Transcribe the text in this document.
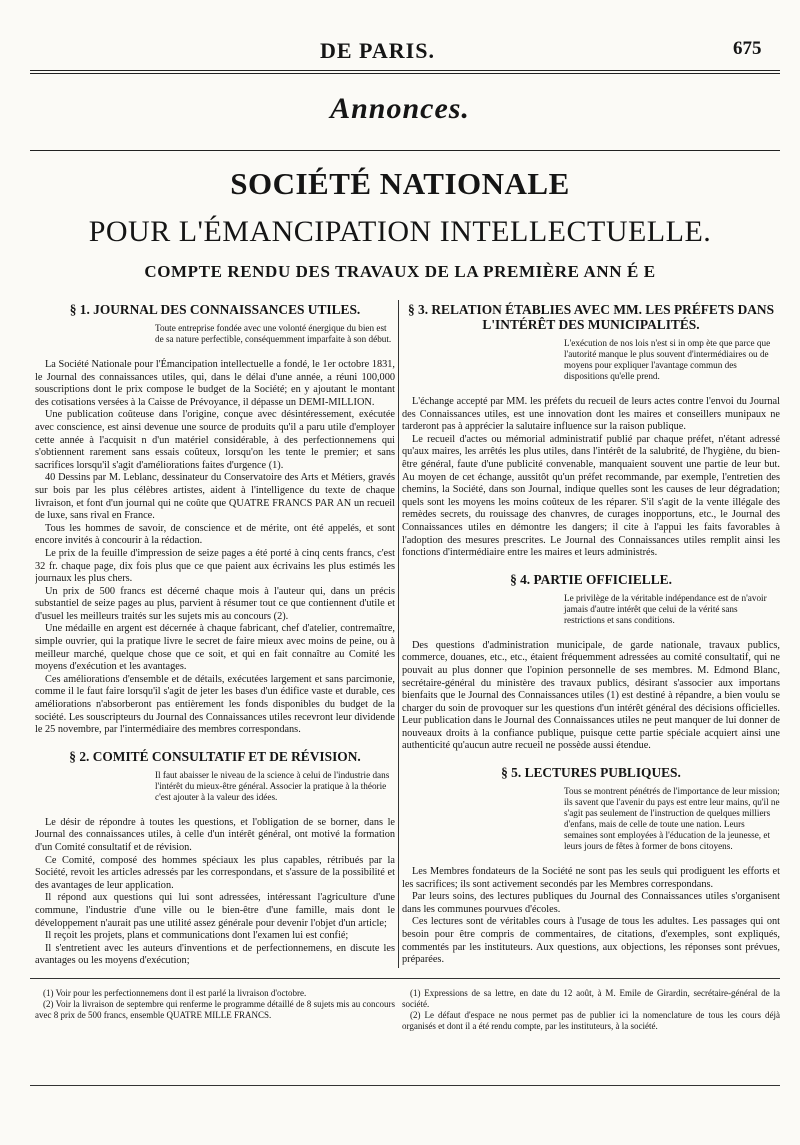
DE PARIS.	675
Annonces.
SOCIÉTÉ NATIONALE
POUR L'ÉMANCIPATION INTELLECTUELLE.
COMPTE RENDU DES TRAVAUX DE LA PREMIÈRE ANN É E

§ 1. JOURNAL DES CONNAISSANCES UTILES.

Toute entreprise fondée avec une volonté énergique du bien est de sa nature perfectible, conséquemment imparfaite à son début.

La Société Nationale pour l'Émancipation intellectuelle a fondé, le 1er octobre 1831, le Journal des connaissances utiles, qui, dans le délai d'une année, a réuni 100,000 souscriptions dont le prix compose le budget de la Société; en y ajoutant le montant des cotisations versées à la Caisse de Prévoyance, il dépasse un DEMI-MILLION.

Une publication coûteuse dans l'origine, conçue avec désintéressement, exécutée avec conscience, est ainsi devenue une source de produits qu'il a paru utile d'employer cette année à l'acquisit n d'un matériel considérable, à des perfectionnemens qui s'obtiennent rarement sans essais coûteux, lorsqu'on les tente le premier; et sans sacrifices lorsqu'il s'agit d'améliorations faites d'urgence (1).

40 Dessins par M. Leblanc, dessinateur du Conservatoire des Arts et Métiers, gravés sur bois par les plus célèbres artistes, aident à l'intelligence du texte de chaque livraison, et font d'un journal qui ne coûte que QUATRE FRANCS PAR AN un recueil de luxe, sans rival en France.

Tous les hommes de savoir, de conscience et de mérite, ont été appelés, et sont encore invités à concourir à la rédaction.

Le prix de la feuille d'impression de seize pages a été porté à cinq cents francs, c'est 32 fr. chaque page, dix fois plus que ce que paient aux écrivains les plus estimés les journaux les plus chers.

Un prix de 500 francs est décerné chaque mois à l'auteur qui, dans un précis substantiel de seize pages au plus, parvient à résumer tout ce que contiennent d'utile et d'usuel les meilleurs traités sur les sujets mis au concours (2).

Une médaille en argent est décernée à chaque fabricant, chef d'atelier, contremaître, simple ouvrier, qui la pratique livre le secret de faire mieux avec moins de peine, ou à meilleur marché, quelque chose que ce soit, et qui en fait connaître au Comité les moyens d'exécution et les avantages.

Ces améliorations d'ensemble et de détails, exécutées largement et sans parcimonie, comme il le faut faire lorsqu'il s'agit de jeter les bases d'un édifice vaste et durable, ces améliorations n'absorberont pas entièrement les fonds disponibles du budget de la société. Les souscripteurs du Journal des Connaissances utiles recevront leur dividende le 25 novembre, par l'intermédiaire des membres correspondans.

§ 2. COMITÉ CONSULTATIF ET DE RÉVISION.

Il faut abaisser le niveau de la science à celui de l'industrie dans l'intérêt du mieux-être général. Associer la pratique à la théorie c'est ajouter à la valeur des idées.

Le désir de répondre à toutes les questions, et l'obligation de se borner, dans le Journal des connaissances utiles, à celle d'un intérêt général, ont motivé la formation d'un Comité consultatif et de révision.

Ce Comité, composé des hommes spéciaux les plus capables, rétribués par la Société, revoit les articles adressés par les correspondans, et s'assure de la possibilité et des avantages de leur application.

Il répond aux questions qui lui sont adressées, intéressant l'agriculture d'une commune, l'industrie d'une ville ou le bien-être d'une famille, mais dont le développement n'aurait pas une utilité assez générale pour devenir l'objet d'un article;

Il reçoit les projets, plans et communications dont l'examen lui est confié;

Il s'entretient avec les auteurs d'inventions et de perfectionnemens, en discute les avantages ou les moyens d'exécution;

§ 3. RELATION ÉTABLIES AVEC MM. LES PRÉFETS DANS L'INTÉRÊT DES MUNICIPALITÉS.

L'exécution de nos lois n'est si in omp ète que parce que l'autorité manque le plus souvent d'intermédiaires ou de moyens pour expliquer l'avantage commun des dispositions qu'elle prend.

L'échange accepté par MM. les préfets du recueil de leurs actes contre l'envoi du Journal des Connaissances utiles, est une innovation dont les maires et conseillers munipaux ne tarderont pas à apprécier la salutaire influence sur la raison publique.

Le recueil d'actes ou mémorial administratif publié par chaque préfet, n'étant adressé qu'aux maires, les arrêtés les plus utiles, dans l'intérêt de la salubrité, de l'hygiène, du bien-être général, faute d'une publicité convenable, manquaient souvent une partie de leur but. Au moyen de cet échange, aussitôt qu'un préfet recommande, par exemple, l'entretien des chemins, la Société, dans son Journal, indique quelles sont les causes de leur dégradation; quels sont les moyens les moins coûteux de les réparer. S'il s'agit de la vente illégale des remèdes secrets, du rouissage des chanvres, de curages inopportuns, etc., le Journal des Connaissances utiles en démontre les dangers; il cite à l'appui les faits favorables à l'adoption des mesures prescrites. Le Journal des Connaissances utiles remplit ainsi les fonctions d'intermédiaire entre les maires et leurs administrés.

§ 4. PARTIE OFFICIELLE.

Le privilège de la véritable indépendance est de n'avoir jamais d'autre intérêt que celui de la vérité sans restrictions et sans conditions.

Des questions d'administration municipale, de garde nationale, travaux publics, commerce, douanes, etc., etc., étaient fréquemment adressées au comité consultatif, qui ne pouvait au plus donner que l'opinion personnelle de ses membres. M. Edmond Blanc, secrétaire-général du ministère des travaux publics, désirant s'associer aux importans bienfaits que le Journal des Connaissances utiles (1) est destiné à répandre, a bien voulu se charger du soin de provoquer sur les questions d'un intérêt général des décisions officielles. Leur publication dans le Journal des Connaissances utiles ne peut manquer de lui donner de nouveaux droits à la confiance publique, puisque cette partie spéciale acquiert ainsi une authenticité qu'aucun autre recueil ne possède aussi étendue.

§ 5. LECTURES PUBLIQUES.

Tous se montrent pénétrés de l'importance de leur mission; ils savent que l'avenir du pays est entre leur mains, qu'il ne s'agit pas seulement de l'instruction de quelques milliers d'enfans, mais de celle de toute une nation. Leurs semaines sont employées à l'éducation de la jeunesse, et leurs jours de fêtes à former de bons citoyens.

Les Membres fondateurs de la Société ne sont pas les seuls qui prodiguent les efforts et les sacrifices; ils sont activement secondés par les Membres correspondans.

Par leurs soins, des lectures publiques du Journal des Connaissances utiles s'organisent dans les communes pourvues d'écoles.

Ces lectures sont de véritables cours à l'usage de tous les adultes. Les passages qui ont besoin pour être compris de commentaires, de citations, d'exemples, sont expliqués, commentés par les instituteurs. Aux questions, aux objections, les réponses sont prévues, préparées.

(1) Voir pour les perfectionnemens dont il est parlé la livraison d'octobre.
(2) Voir la livraison de septembre qui renferme le programme détaillé de 8 sujets mis au concours avec 8 prix de 500 francs, ensemble QUATRE MILLE FRANCS.
(1) Expressions de sa lettre, en date du 12 août, à M. Emile de Girardin, secrétaire-général de la société.
(2) Le défaut d'espace ne nous permet pas de publier ici la nomenclature de tous les cours déjà organisés et dont il a été rendu compte, par les instituteurs, à la société.
